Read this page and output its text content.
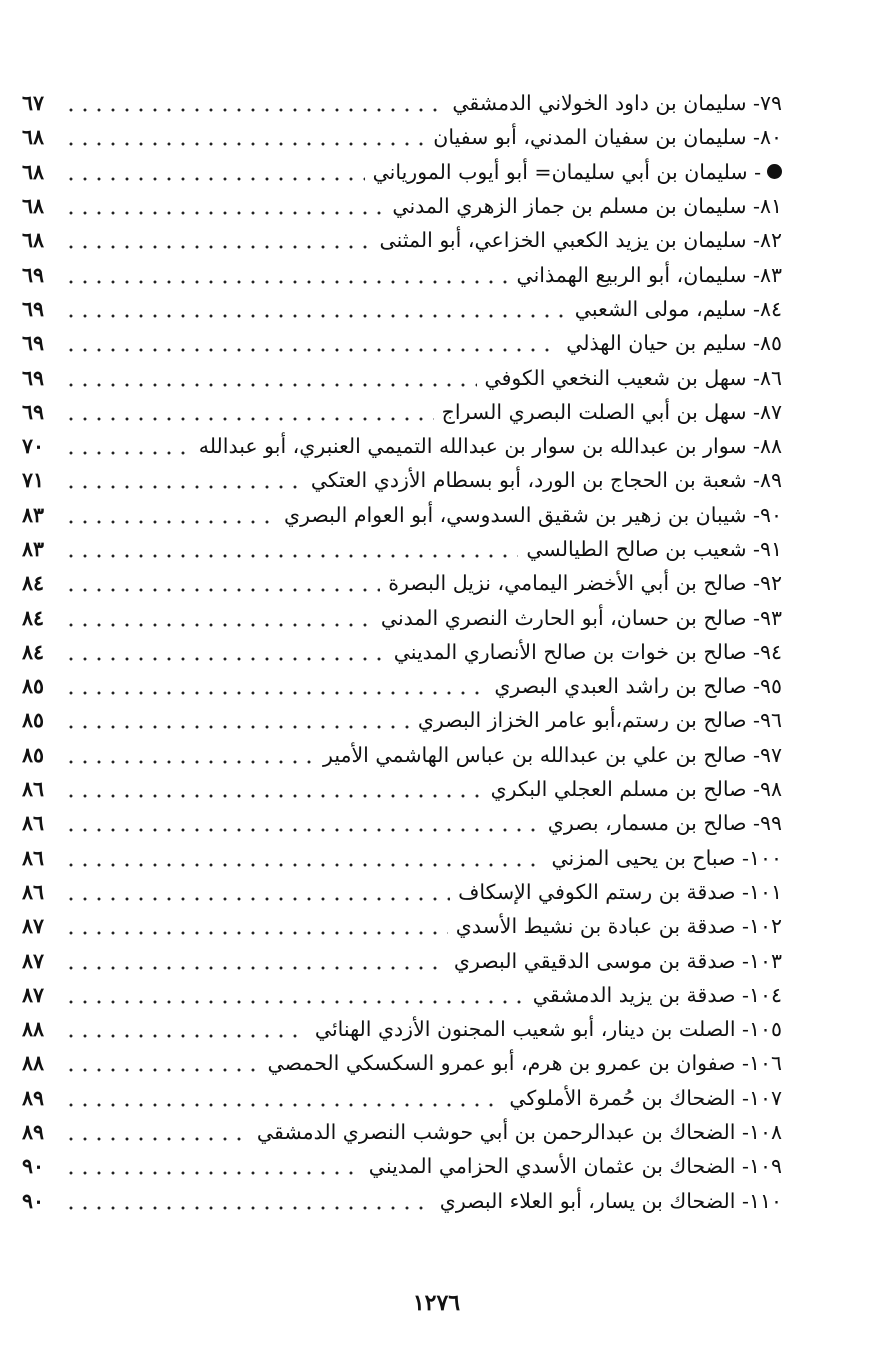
٧٩- سليمان بن داود الخولاني الدمشقي
٦٧
٨٠- سليمان بن سفيان المدني، أبو سفيان
٦٨
- سليمان بن أبي سليمان= أبو أيوب المورياني
٦٨
٨١- سليمان بن مسلم بن جماز الزهري المدني
٦٨
٨٢- سليمان بن يزيد الكعبي الخزاعي، أبو المثنى
٦٨
٨٣- سليمان، أبو الربيع الهمذاني
٦٩
٨٤- سليم، مولى الشعبي
٦٩
٨٥- سليم بن حيان الهذلي
٦٩
٨٦- سهل بن شعيب النخعي الكوفي
٦٩
٨٧- سهل بن أبي الصلت البصري السراج
٦٩
٨٨- سوار بن عبدالله بن سوار بن عبدالله التميمي العنبري، أبو عبدالله
٧٠
٨٩- شعبة بن الحجاج بن الورد، أبو بسطام الأزدي العتكي
٧١
٩٠- شيبان بن زهير بن شقيق السدوسي، أبو العوام البصري
٨٣
٩١- شعيب بن صالح الطيالسي
٨٣
٩٢- صالح بن أبي الأخضر اليمامي، نزيل البصرة
٨٤
٩٣- صالح بن حسان، أبو الحارث النصري المدني
٨٤
٩٤- صالح بن خوات بن صالح الأنصاري المديني
٨٤
٩٥- صالح بن راشد العبدي البصري
٨٥
٩٦- صالح بن رستم،أبو عامر الخزاز البصري
٨٥
٩٧- صالح بن علي بن عبدالله بن عباس الهاشمي الأمير
٨٥
٩٨- صالح بن مسلم العجلي البكري
٨٦
٩٩- صالح بن مسمار، بصري
٨٦
١٠٠- صباح بن يحيى المزني
٨٦
١٠١- صدقة بن رستم الكوفي الإسكاف
٨٦
١٠٢- صدقة بن عبادة بن نشيط الأسدي
٨٧
١٠٣- صدقة بن موسى الدقيقي البصري
٨٧
١٠٤- صدقة بن يزيد الدمشقي
٨٧
١٠٥- الصلت بن دينار، أبو شعيب المجنون الأزدي الهنائي
٨٨
١٠٦- صفوان بن عمرو بن هرم، أبو عمرو السكسكي الحمصي
٨٨
١٠٧- الضحاك بن حُمرة الأملوكي
٨٩
١٠٨- الضحاك بن عبدالرحمن بن أبي حوشب النصري الدمشقي
٨٩
١٠٩- الضحاك بن عثمان الأسدي الحزامي المديني
٩٠
١١٠- الضحاك بن يسار، أبو العلاء البصري
٩٠
١٢٧٦
